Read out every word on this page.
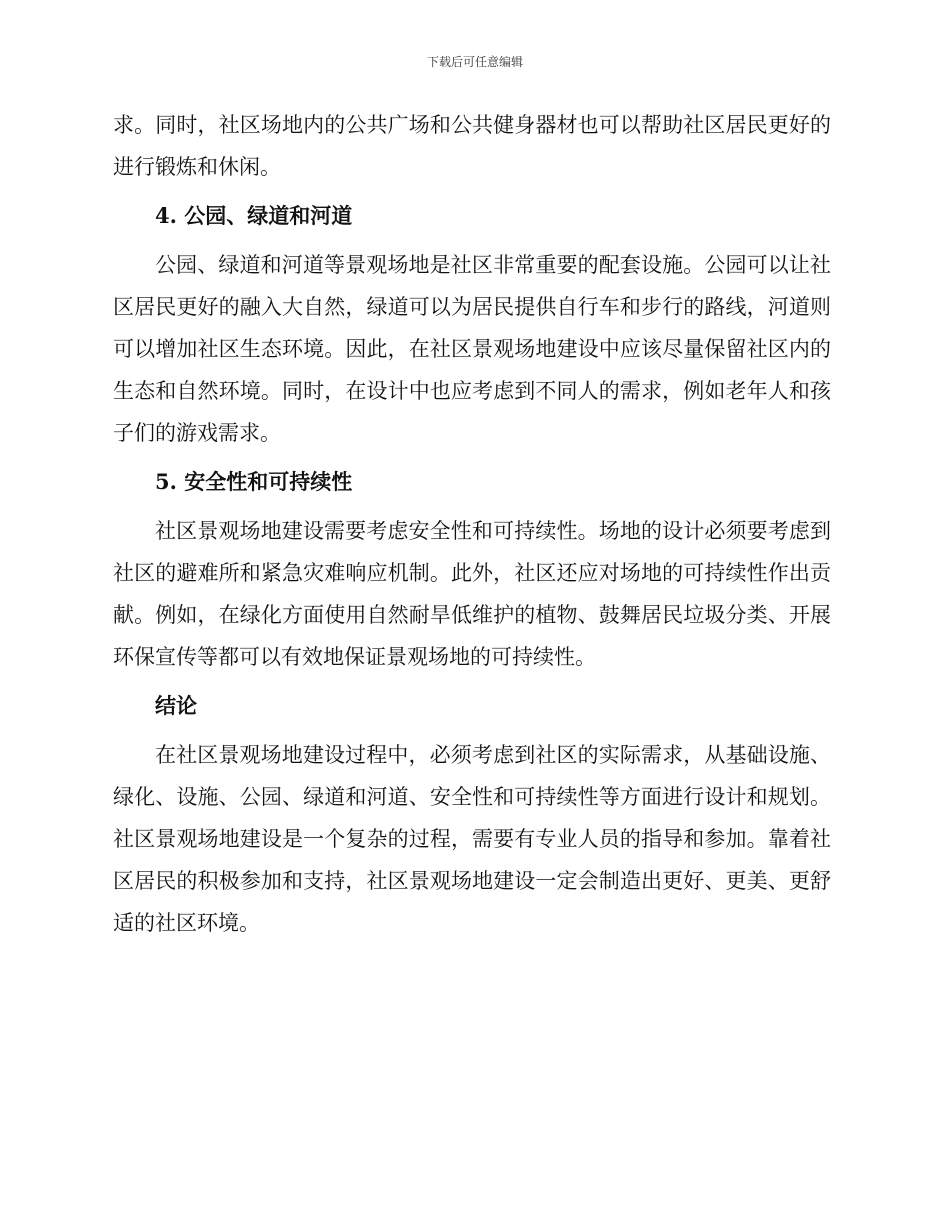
下载后可任意编辑

求。同时，社区场地内的公共广场和公共健身器材也可以帮助社区居民更好的进行锻炼和休闲。

4. 公园、绿道和河道

公园、绿道和河道等景观场地是社区非常重要的配套设施。公园可以让社区居民更好的融入大自然，绿道可以为居民提供自行车和步行的路线，河道则可以增加社区生态环境。因此，在社区景观场地建设中应该尽量保留社区内的生态和自然环境。同时，在设计中也应考虑到不同人的需求，例如老年人和孩子们的游戏需求。

5. 安全性和可持续性

社区景观场地建设需要考虑安全性和可持续性。场地的设计必须要考虑到社区的避难所和紧急灾难响应机制。此外，社区还应对场地的可持续性作出贡献。例如，在绿化方面使用自然耐旱低维护的植物、鼓舞居民垃圾分类、开展环保宣传等都可以有效地保证景观场地的可持续性。

结论

在社区景观场地建设过程中，必须考虑到社区的实际需求，从基础设施、绿化、设施、公园、绿道和河道、安全性和可持续性等方面进行设计和规划。社区景观场地建设是一个复杂的过程，需要有专业人员的指导和参加。靠着社区居民的积极参加和支持，社区景观场地建设一定会制造出更好、更美、更舒适的社区环境。
